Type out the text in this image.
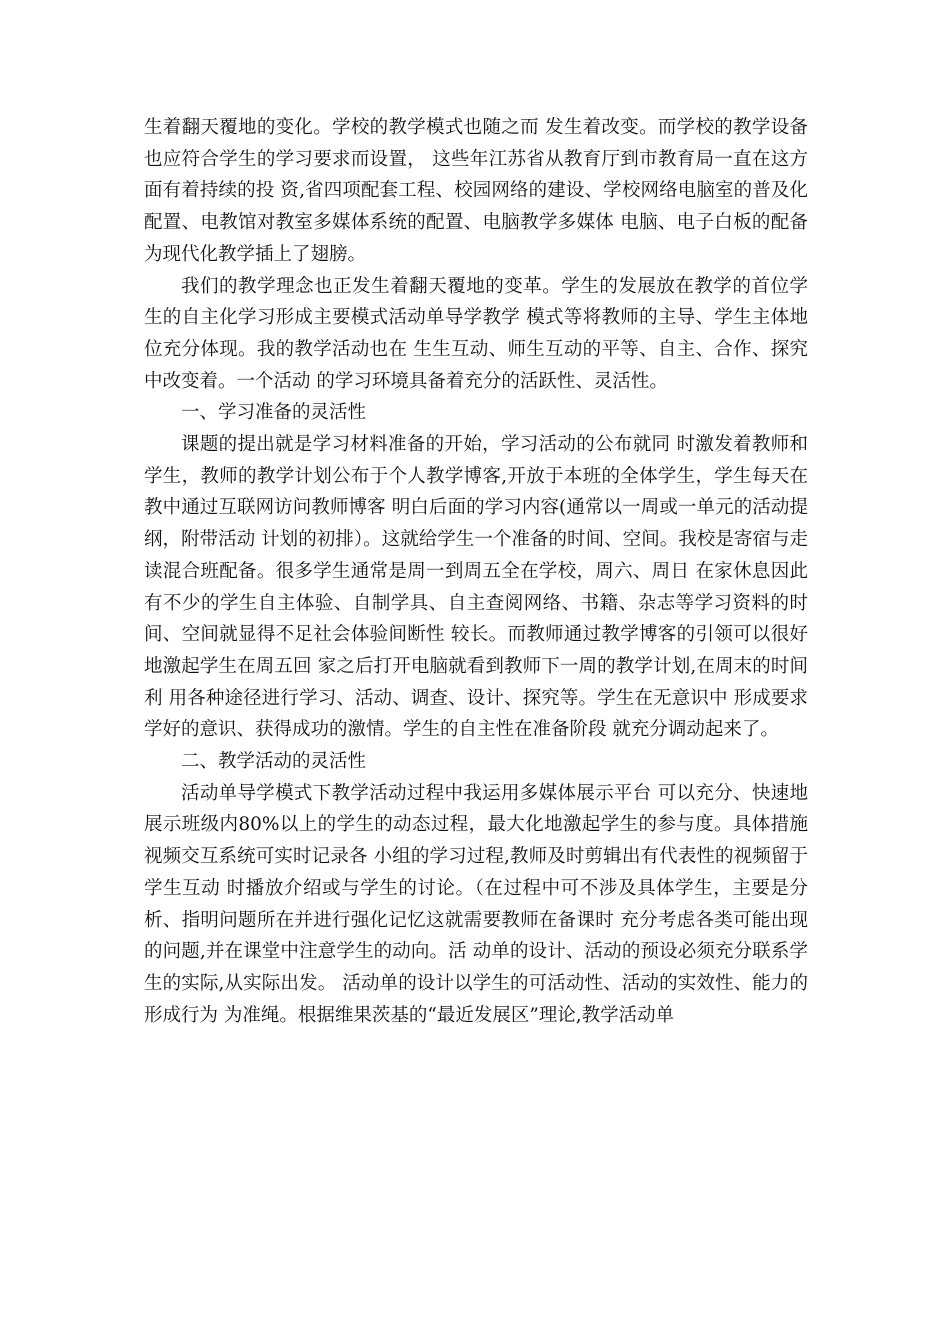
生着翻天覆地的变化。学校的教学模式也随之而 发生着改变。而学校的教学设备也应符合学生的学习要求而设置， 这些年江苏省从教育厅到市教育局一直在这方面有着持续的投 资,省四项配套工程、校园网络的建设、学校网络电脑室的普及化 配置、电教馆对教室多媒体系统的配置、电脑教学多媒体 电脑、电子白板的配备为现代化教学插上了翅膀。

我们的教学理念也正发生着翻天覆地的变革。学生的发展放在教学的首位学生的自主化学习形成主要模式活动单导学教学 模式等将教师的主导、学生主体地位充分体现。我的教学活动也在 生生互动、师生互动的平等、自主、合作、探究中改变着。一个活动 的学习环境具备着充分的活跃性、灵活性。

一、学习准备的灵活性

课题的提出就是学习材料准备的开始，学习活动的公布就同 时激发着教师和学生，教师的教学计划公布于个人教学博客,开放于本班的全体学生，学生每天在教中通过互联网访问教师博客 明白后面的学习内容(通常以一周或一单元的活动提纲，附带活动 计划的初排）。这就给学生一个准备的时间、空间。我校是寄宿与走 读混合班配备。很多学生通常是周一到周五全在学校，周六、周日 在家休息因此有不少的学生自主体验、自制学具、自主查阅网络、书籍、杂志等学习资料的时间、空间就显得不足社会体验间断性 较长。而教师通过教学博客的引领可以很好地激起学生在周五回 家之后打开电脑就看到教师下一周的教学计划,在周末的时间利 用各种途径进行学习、活动、调查、设计、探究等。学生在无意识中 形成要求学好的意识、获得成功的激情。学生的自主性在准备阶段 就充分调动起来了。

二、教学活动的灵活性

活动单导学模式下教学活动过程中我运用多媒体展示平台 可以充分、快速地展示班级内80%以上的学生的动态过程，最大化地激起学生的参与度。具体措施视频交互系统可实时记录各 小组的学习过程,教师及时剪辑出有代表性的视频留于学生互动 时播放介绍或与学生的讨论。（在过程中可不涉及具体学生，主要是分析、指明问题所在并进行强化记忆这就需要教师在备课时 充分考虑各类可能出现的问题,并在课堂中注意学生的动向。活 动单的设计、活动的预设必须充分联系学生的实际,从实际出发。 活动单的设计以学生的可活动性、活动的实效性、能力的形成行为 为准绳。根据维果茨基的“最近发展区”理论,教学活动单
